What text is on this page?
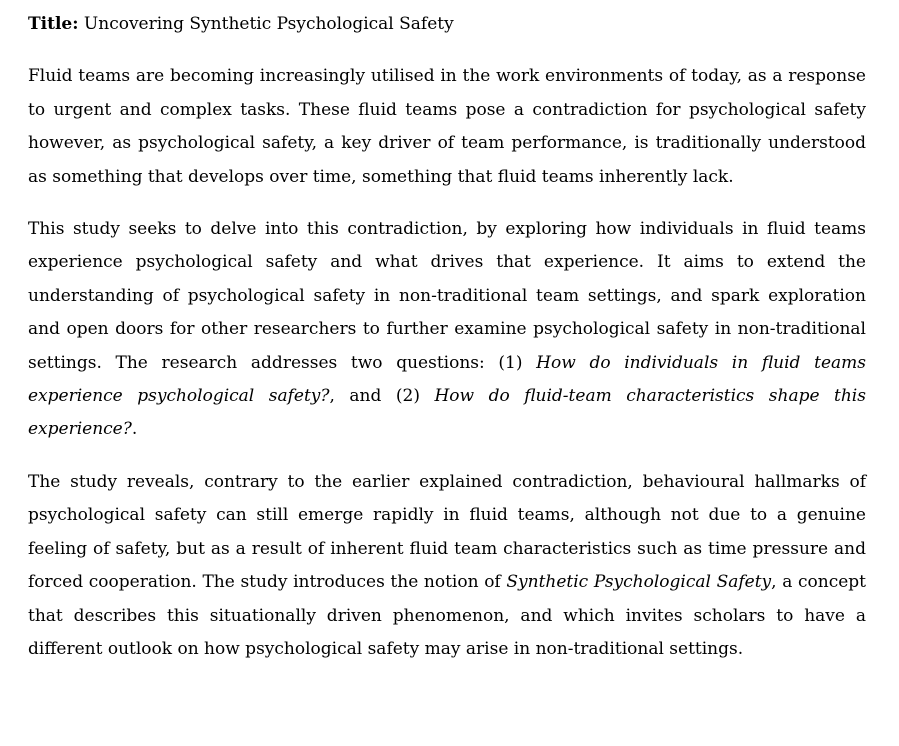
Title: Uncovering Synthetic Psychological Safety

Fluid teams are becoming increasingly utilised in the work environments of today, as a response to urgent and complex tasks. These fluid teams pose a contradiction for psychological safety however, as psychological safety, a key driver of team performance, is traditionally understood as something that develops over time, something that fluid teams inherently lack.

This study seeks to delve into this contradiction, by exploring how individuals in fluid teams experience psychological safety and what drives that experience. It aims to extend the understanding of psychological safety in non-traditional team settings, and spark exploration and open doors for other researchers to further examine psychological safety in non-traditional settings. The research addresses two questions: (1) How do individuals in fluid teams experience psychological safety?, and (2) How do fluid-team characteristics shape this experience?.

The study reveals, contrary to the earlier explained contradiction, behavioural hallmarks of psychological safety can still emerge rapidly in fluid teams, although not due to a genuine feeling of safety, but as a result of inherent fluid team characteristics such as time pressure and forced cooperation. The study introduces the notion of Synthetic Psychological Safety, a concept that describes this situationally driven phenomenon, and which invites scholars to have a different outlook on how psychological safety may arise in non-traditional settings.
